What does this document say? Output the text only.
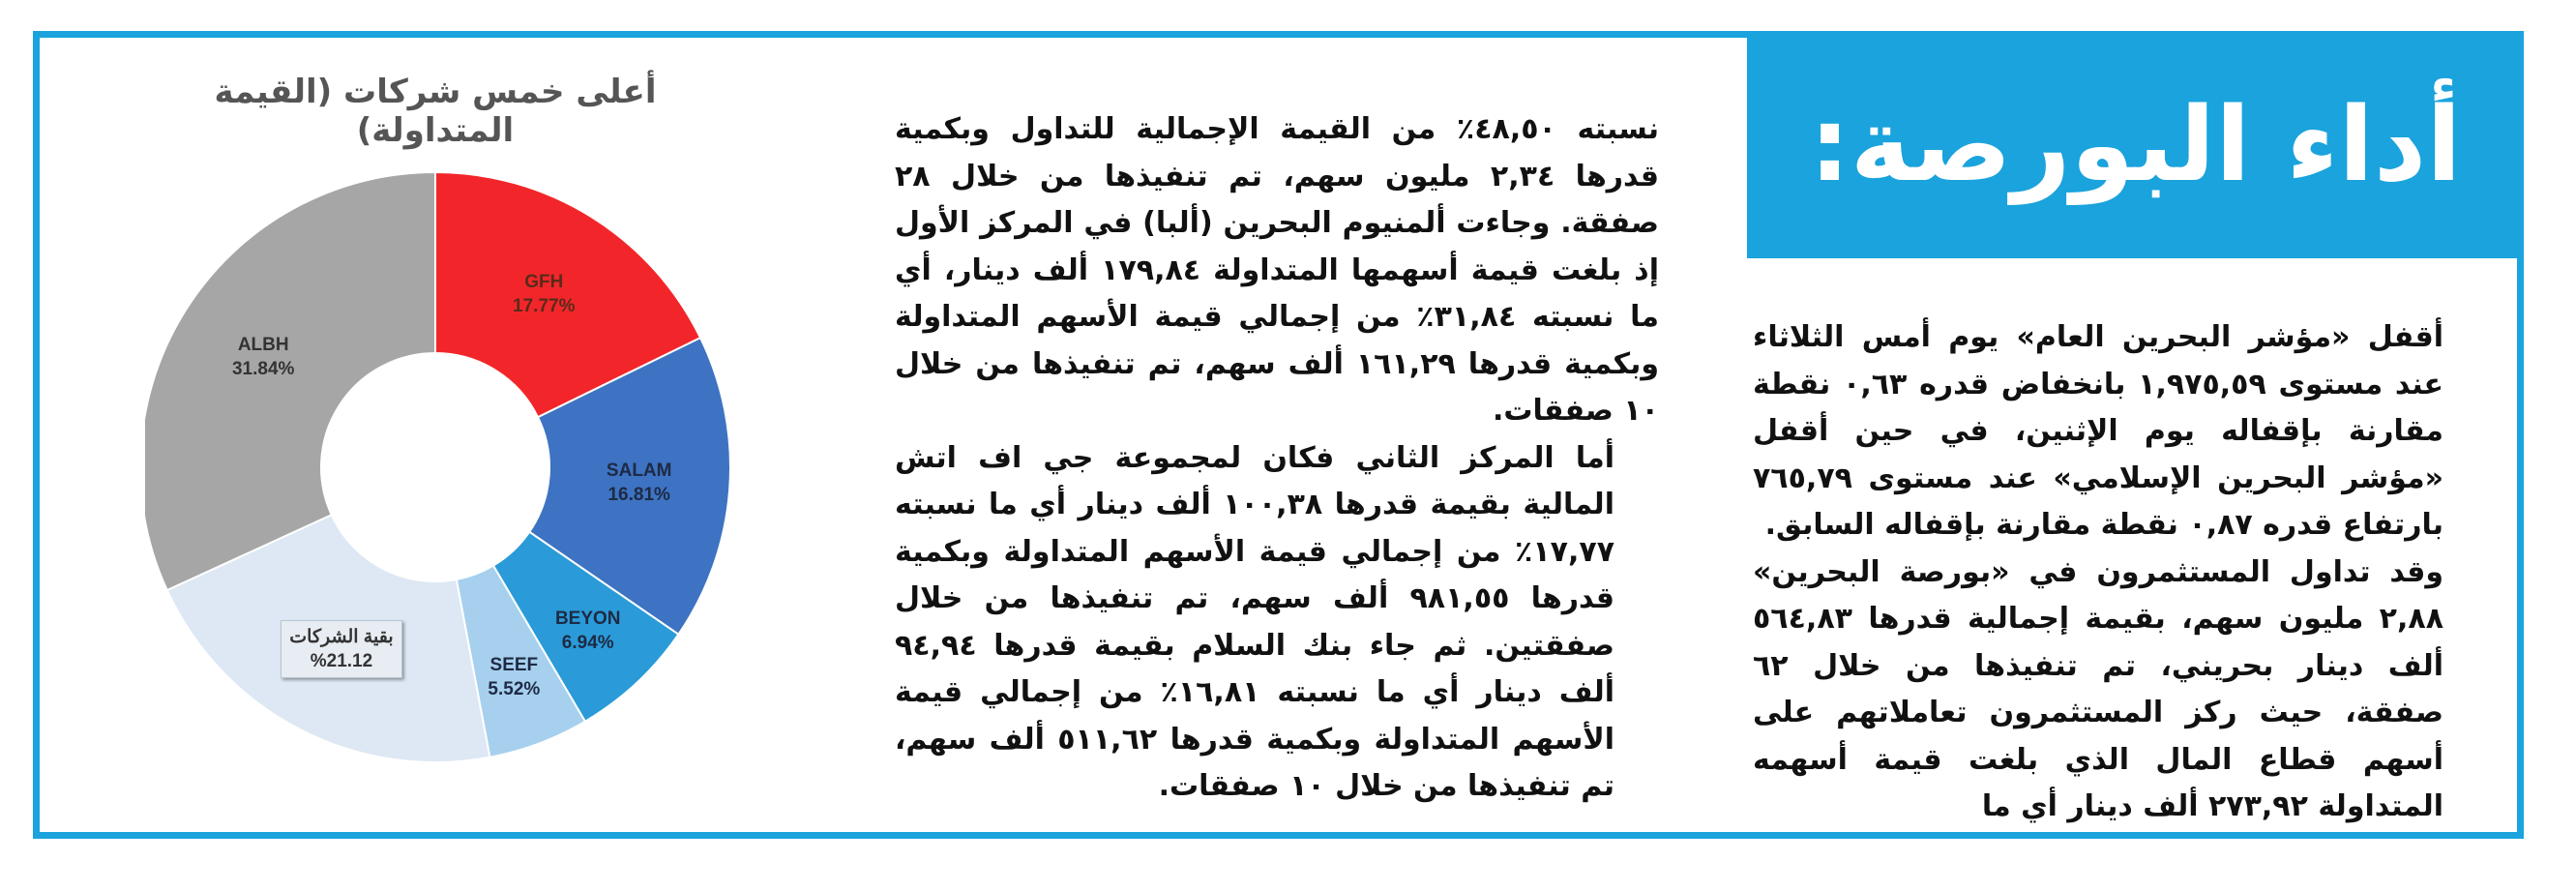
أداء البورصة:

أقفل «مؤشر البحرين العام» يوم أمس الثلاثاء عند مستوى ١,٩٧٥,٥٩ بانخفاض قدره ٠,٦٣ نقطة مقارنة بإقفاله يوم الإثنين، في حين أقفل «مؤشر البحرين الإسلامي» عند مستوى ٧٦٥,٧٩ بارتفاع قدره ٠,٨٧ نقطة مقارنة بإقفاله السابق.

وقد تداول المستثمرون في «بورصة البحرين» ٢,٨٨ مليون سهم، بقيمة إجمالية قدرها ٥٦٤,٨٣ ألف دينار بحريني، تم تنفيذها من خلال ٦٢ صفقة، حيث ركز المستثمرون تعاملاتهم على أسهم قطاع المال الذي بلغت قيمة أسهمه المتداولة ٢٧٣,٩٢ ألف دينار أي ما

نسبته ٤٨,٥٠٪ من القيمة الإجمالية للتداول وبكمية قدرها ٢,٣٤ مليون سهم، تم تنفيذها من خلال ٢٨ صفقة. وجاءت ألمنيوم البحرين (ألبا) في المركز الأول إذ بلغت قيمة أسهمها المتداولة ١٧٩,٨٤ ألف دينار، أي ما نسبته ٣١,٨٤٪ من إجمالي قيمة الأسهم المتداولة وبكمية قدرها ١٦١,٢٩ ألف سهم، تم تنفيذها من خلال ١٠ صفقات.

أما المركز الثاني فكان لمجموعة جي اف اتش المالية بقيمة قدرها ١٠٠,٣٨ ألف دينار أي ما نسبته ١٧,٧٧٪ من إجمالي قيمة الأسهم المتداولة وبكمية قدرها ٩٨١,٥٥ ألف سهم، تم تنفيذها من خلال صفقتين. ثم جاء بنك السلام بقيمة قدرها ٩٤,٩٤ ألف دينار أي ما نسبته ١٦,٨١٪ من إجمالي قيمة الأسهم المتداولة وبكمية قدرها ٥١١,٦٢ ألف سهم، تم تنفيذها من خلال ١٠ صفقات.

أعلى خمس شركات (القيمة المتداولة)
GFH
17.77%
SALAM
16.81%
BEYON
6.94%
SEEF
5.52%
بقية الشركات
%21.12
ALBH
31.84%
